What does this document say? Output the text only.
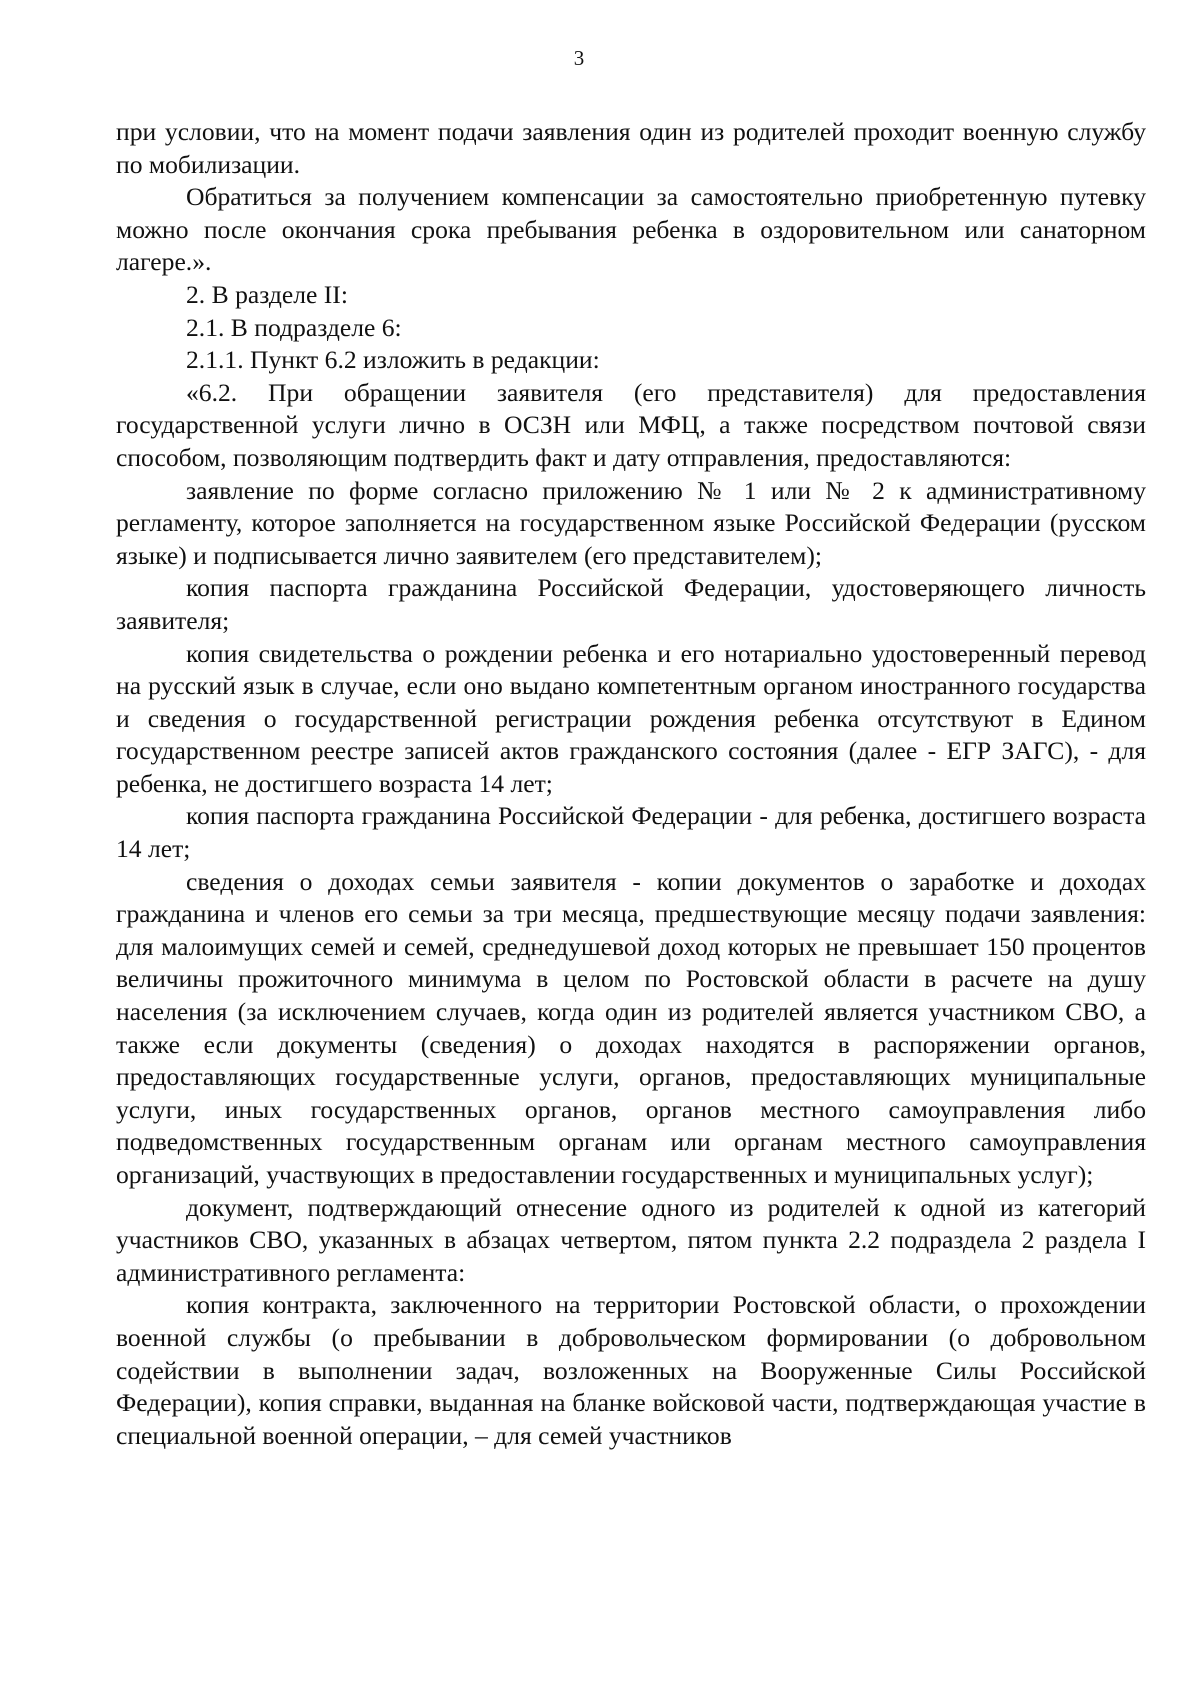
3

при условии, что на момент подачи заявления один из родителей проходит военную службу по мобилизации.

Обратиться за получением компенсации за самостоятельно приобретенную путевку можно после окончания срока пребывания ребенка в оздоровительном или санаторном лагере.».

2. В разделе II:

2.1. В подразделе 6:

2.1.1. Пункт 6.2 изложить в редакции:

«6.2. При обращении заявителя (его представителя) для предоставления государственной услуги лично в ОСЗН или МФЦ, а также посредством почтовой связи способом, позволяющим подтвердить факт и дату отправления, предоставляются:

заявление по форме согласно приложению № 1 или № 2 к административному регламенту, которое заполняется на государственном языке Российской Федерации (русском языке) и подписывается лично заявителем (его представителем);

копия паспорта гражданина Российской Федерации, удостоверяющего личность заявителя;

копия свидетельства о рождении ребенка и его нотариально удостоверенный перевод на русский язык в случае, если оно выдано компетентным органом иностранного государства и сведения о государственной регистрации рождения ребенка отсутствуют в Едином государственном реестре записей актов гражданского состояния (далее - ЕГР ЗАГС), - для ребенка, не достигшего возраста 14 лет;

копия паспорта гражданина Российской Федерации - для ребенка, достигшего возраста 14 лет;

сведения о доходах семьи заявителя - копии документов о заработке и доходах гражданина и членов его семьи за три месяца, предшествующие месяцу подачи заявления: для малоимущих семей и семей, среднедушевой доход которых не превышает 150 процентов величины прожиточного минимума в целом по Ростовской области в расчете на душу населения (за исключением случаев, когда один из родителей является участником СВО, а также если документы (сведения) о доходах находятся в распоряжении органов, предоставляющих государственные услуги, органов, предоставляющих муниципальные услуги, иных государственных органов, органов местного самоуправления либо подведомственных государственным органам или органам местного самоуправления организаций, участвующих в предоставлении государственных и муниципальных услуг);

документ, подтверждающий отнесение одного из родителей к одной из категорий участников СВО, указанных в абзацах четвертом, пятом пункта 2.2 подраздела 2 раздела I административного регламента:

копия контракта, заключенного на территории Ростовской области, о прохождении военной службы (о пребывании в добровольческом формировании (о добровольном содействии в выполнении задач, возложенных на Вооруженные Силы Российской Федерации), копия справки, выданная на бланке войсковой части, подтверждающая участие в специальной военной операции, – для семей участников
